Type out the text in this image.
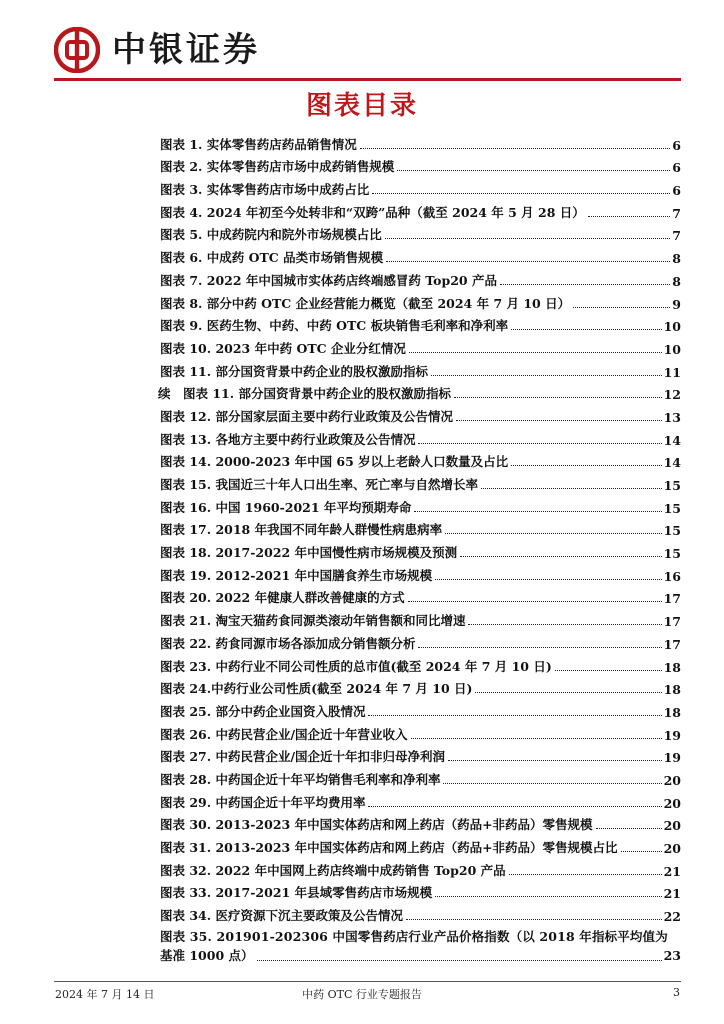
中银证券
图表目录
图表 1. 实体零售药店药品销售情况	6
图表 2. 实体零售药店市场中成药销售规模	6
图表 3. 实体零售药店市场中成药占比	6
图表 4. 2024 年初至今处转非和“双跨”品种（截至 2024 年 5 月 28 日）	7
图表 5. 中成药院内和院外市场规模占比	7
图表 6. 中成药 OTC 品类市场销售规模	8
图表 7. 2022 年中国城市实体药店终端感冒药 Top20 产品	8
图表 8. 部分中药 OTC 企业经营能力概览（截至 2024 年 7 月 10 日）	9
图表 9. 医药生物、中药、中药 OTC 板块销售毛利率和净利率	10
图表 10. 2023 年中药 OTC 企业分红情况	10
图表 11. 部分国资背景中药企业的股权激励指标	11
续　图表 11. 部分国资背景中药企业的股权激励指标	12
图表 12. 部分国家层面主要中药行业政策及公告情况	13
图表 13. 各地方主要中药行业政策及公告情况	14
图表 14. 2000-2023 年中国 65 岁以上老龄人口数量及占比	14
图表 15. 我国近三十年人口出生率、死亡率与自然增长率	15
图表 16. 中国 1960-2021 年平均预期寿命	15
图表 17. 2018 年我国不同年龄人群慢性病患病率	15
图表 18. 2017-2022 年中国慢性病市场规模及预测	15
图表 19. 2012-2021 年中国膳食养生市场规模	16
图表 20. 2022 年健康人群改善健康的方式	17
图表 21. 淘宝天猫药食同源类滚动年销售额和同比增速	17
图表 22. 药食同源市场各添加成分销售额分析	17
图表 23. 中药行业不同公司性质的总市值(截至 2024 年 7 月 10 日)	18
图表 24.中药行业公司性质(截至 2024 年 7 月 10 日)	18
图表 25. 部分中药企业国资入股情况	18
图表 26. 中药民营企业/国企近十年营业收入	19
图表 27. 中药民营企业/国企近十年扣非归母净利润	19
图表 28. 中药国企近十年平均销售毛利率和净利率	20
图表 29. 中药国企近十年平均费用率	20
图表 30. 2013-2023 年中国实体药店和网上药店（药品+非药品）零售规模	20
图表 31. 2013-2023 年中国实体药店和网上药店（药品+非药品）零售规模占比	20
图表 32. 2022 年中国网上药店终端中成药销售 Top20 产品	21
图表 33. 2017-2021 年县域零售药店市场规模	21
图表 34. 医疗资源下沉主要政策及公告情况	22
图表 35. 201901-202306 中国零售药店行业产品价格指数（以 2018 年指标平均值为
基准 1000 点）	23
2024 年 7 月 14 日	中药 OTC 行业专题报告	3
